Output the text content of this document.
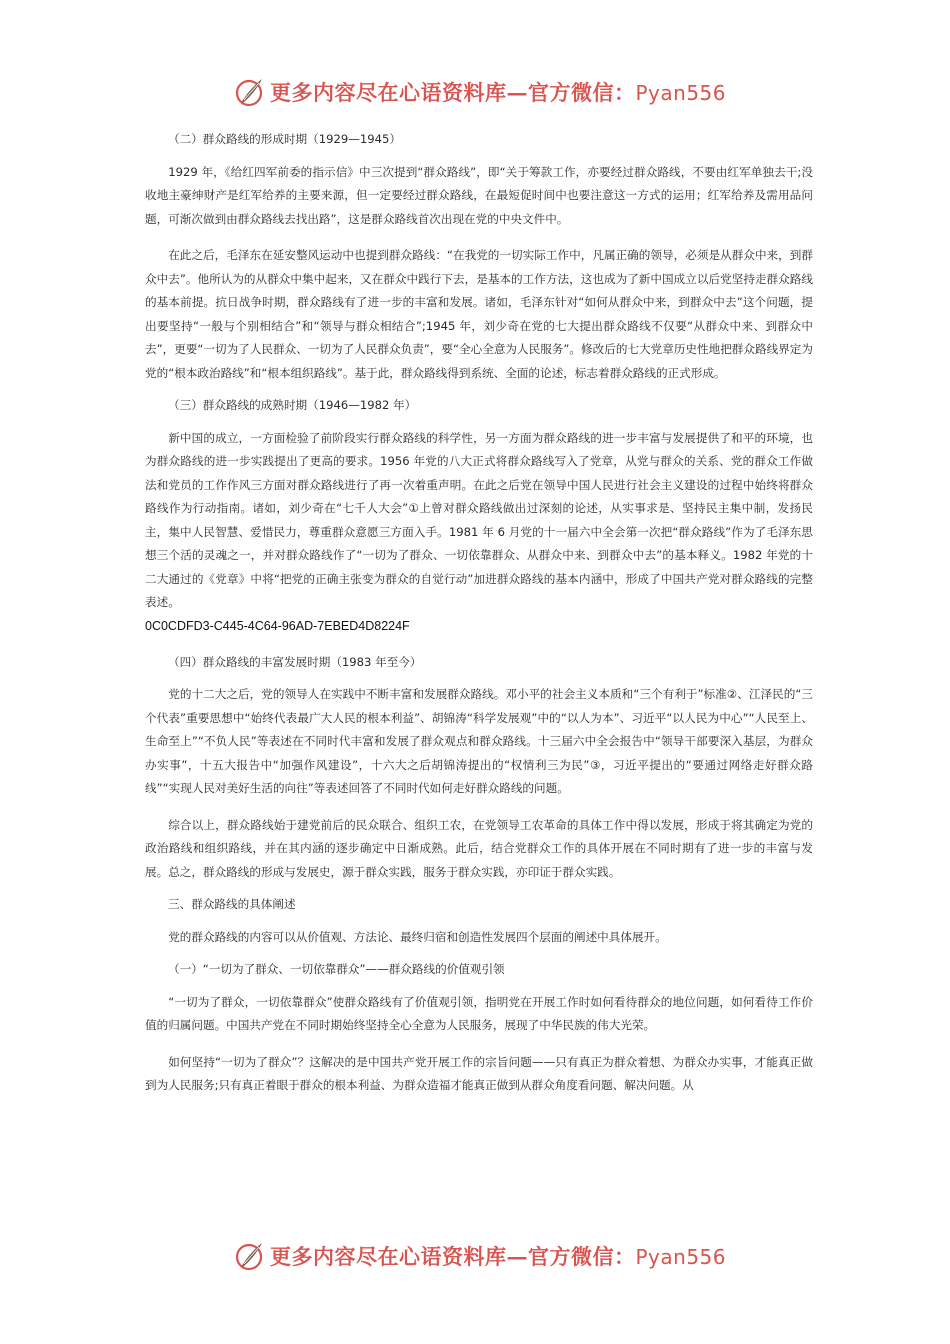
更多内容尽在心语资料库—官方微信：Pyan556

（二）群众路线的形成时期（1929—1945）

1929 年，《给红四军前委的指示信》中三次提到“群众路线”，即“关于筹款工作，亦要经过群众路线，不要由红军单独去干;没收地主豪绅财产是红军给养的主要来源，但一定要经过群众路线，在最短促时间中也要注意这一方式的运用；红军给养及需用品问题，可渐次做到由群众路线去找出路”，这是群众路线首次出现在党的中央文件中。

在此之后，毛泽东在延安整风运动中也提到群众路线：“在我党的一切实际工作中，凡属正确的领导，必须是从群众中来，到群众中去”。他所认为的从群众中集中起来，又在群众中践行下去，是基本的工作方法，这也成为了新中国成立以后党坚持走群众路线的基本前提。抗日战争时期，群众路线有了进一步的丰富和发展。诸如，毛泽东针对“如何从群众中来，到群众中去”这个问题，提出要坚持“一般与个别相结合”和“领导与群众相结合”;1945 年，刘少奇在党的七大提出群众路线不仅要“从群众中来、到群众中去”，更要“一切为了人民群众、一切为了人民群众负责”，要“全心全意为人民服务”。修改后的七大党章历史性地把群众路线界定为党的“根本政治路线”和“根本组织路线”。基于此，群众路线得到系统、全面的论述，标志着群众路线的正式形成。

（三）群众路线的成熟时期（1946—1982 年）

新中国的成立，一方面检验了前阶段实行群众路线的科学性，另一方面为群众路线的进一步丰富与发展提供了和平的环境，也为群众路线的进一步实践提出了更高的要求。1956 年党的八大正式将群众路线写入了党章，从党与群众的关系、党的群众工作做法和党员的工作作风三方面对群众路线进行了再一次着重声明。在此之后党在领导中国人民进行社会主义建设的过程中始终将群众路线作为行动指南。诸如，刘少奇在“七千人大会”①上曾对群众路线做出过深刻的论述，从实事求是、坚持民主集中制，发扬民主，集中人民智慧、爱惜民力，尊重群众意愿三方面入手。1981 年 6 月党的十一届六中全会第一次把“群众路线”作为了毛泽东思想三个活的灵魂之一，并对群众路线作了“一切为了群众、一切依靠群众、从群众中来、到群众中去”的基本释义。1982 年党的十二大通过的《党章》中将“把党的正确主张变为群众的自觉行动”加进群众路线的基本内涵中，形成了中国共产党对群众路线的完整表述。

0C0CDFD3-C445-4C64-96AD-7EBED4D8224F

（四）群众路线的丰富发展时期（1983 年至今）

党的十二大之后，党的领导人在实践中不断丰富和发展群众路线。邓小平的社会主义本质和“三个有利于”标准②、江泽民的“三个代表”重要思想中“始终代表最广大人民的根本利益”、胡锦涛“科学发展观”中的“以人为本”、习近平“以人民为中心”“人民至上、生命至上”“不负人民”等表述在不同时代丰富和发展了群众观点和群众路线。十三届六中全会报告中“领导干部要深入基层，为群众办实事”，十五大报告中“加强作风建设”，十六大之后胡锦涛提出的“权情利三为民”③，习近平提出的“要通过网络走好群众路线”“实现人民对美好生活的向往”等表述回答了不同时代如何走好群众路线的问题。

综合以上，群众路线始于建党前后的民众联合、组织工农，在党领导工农革命的具体工作中得以发展，形成于将其确定为党的政治路线和组织路线，并在其内涵的逐步确定中日渐成熟。此后，结合党群众工作的具体开展在不同时期有了进一步的丰富与发展。总之，群众路线的形成与发展史，源于群众实践，服务于群众实践，亦印证于群众实践。

三、群众路线的具体阐述

党的群众路线的内容可以从价值观、方法论、最终归宿和创造性发展四个层面的阐述中具体展开。

（一）“一切为了群众、一切依靠群众”——群众路线的价值观引领

“一切为了群众，一切依靠群众”使群众路线有了价值观引领，指明党在开展工作时如何看待群众的地位问题，如何看待工作价值的归属问题。中国共产党在不同时期始终坚持全心全意为人民服务，展现了中华民族的伟大光荣。

如何坚持“一切为了群众”？这解决的是中国共产党开展工作的宗旨问题——只有真正为群众着想、为群众办实事，才能真正做到为人民服务;只有真正着眼于群众的根本利益、为群众造福才能真正做到从群众角度看问题、解决问题。从

更多内容尽在心语资料库—官方微信：Pyan556
